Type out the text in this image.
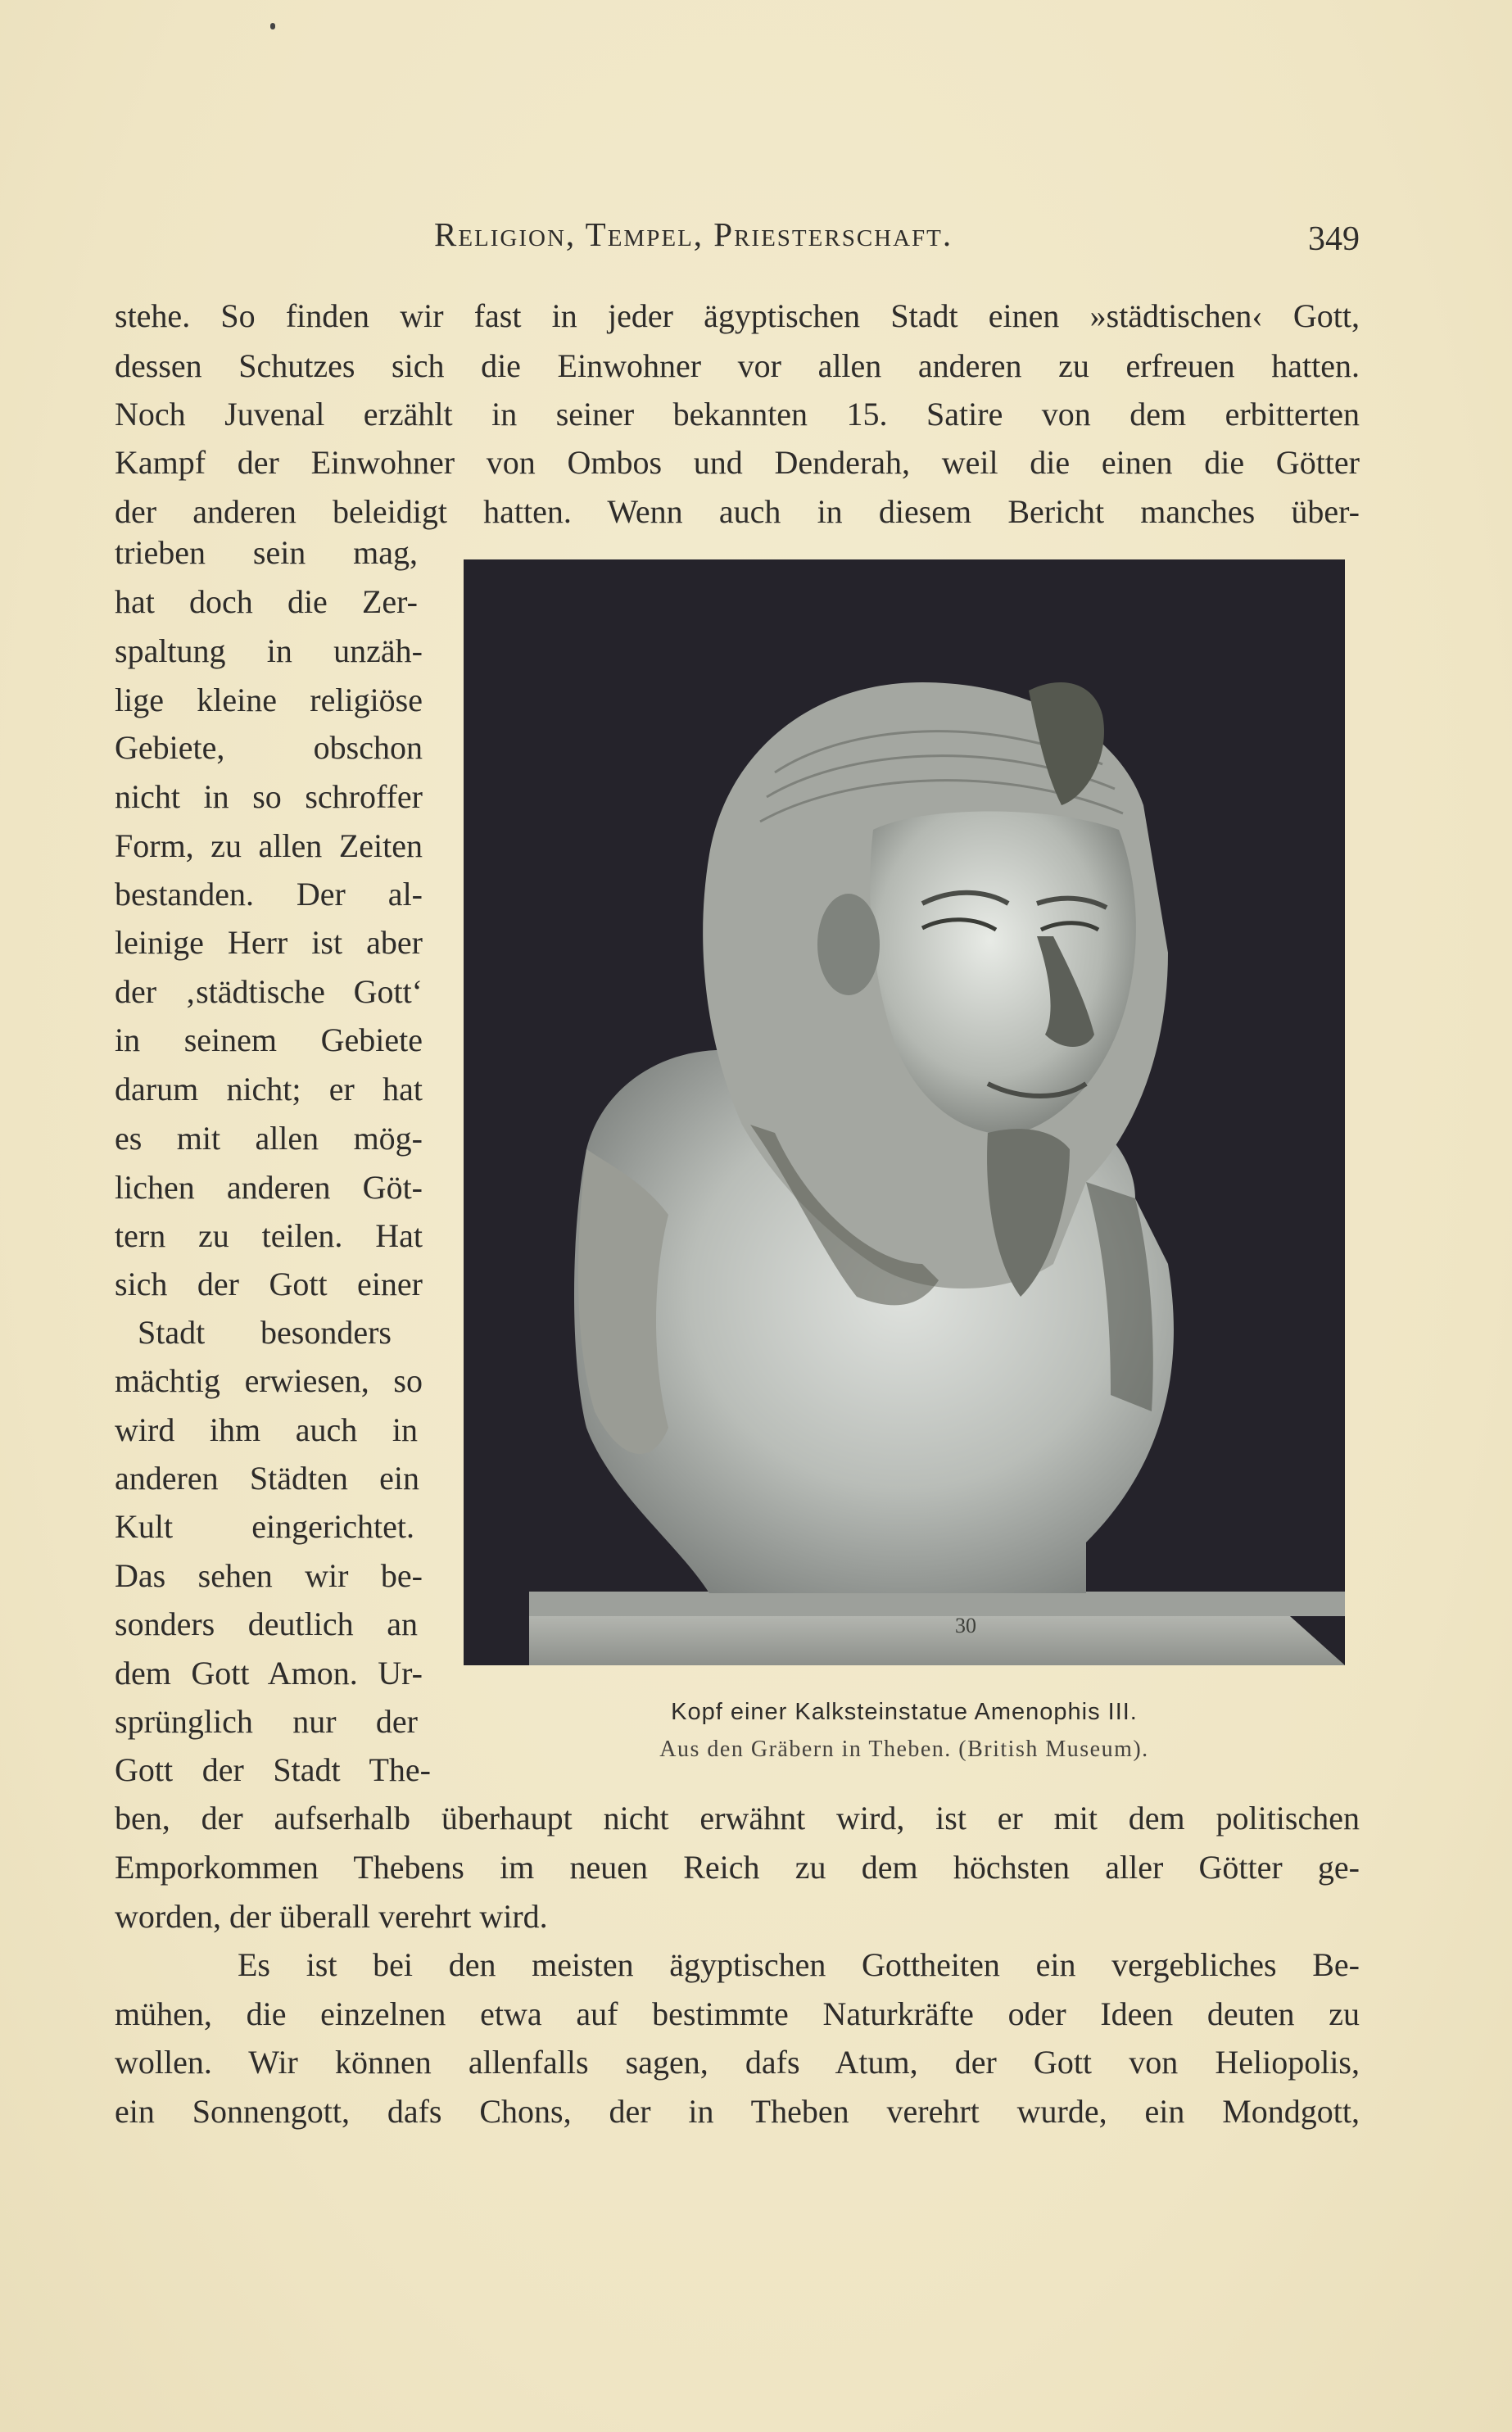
Religion, Tempel, Priesterschaft.	349
stehe. So finden wir fast in jeder ägyptischen Stadt einen »städtischen‹ Gott,
dessen Schutzes sich die Einwohner vor allen anderen zu erfreuen hatten.
Noch Juvenal erzählt in seiner bekannten 15. Satire von dem erbitterten
Kampf der Einwohner von Ombos und Denderah, weil die einen die Götter
der anderen beleidigt hatten. Wenn auch in diesem Bericht manches über-
trieben sein mag,
hat doch die Zer-
spaltung in unzäh-
lige kleine religiöse
Gebiete, obschon
nicht in so schroffer
Form, zu allen Zeiten
bestanden. Der al-
leinige Herr ist aber
der ‚städtische Gott‘
in seinem Gebiete
darum nicht; er hat
es mit allen mög-
lichen anderen Göt-
tern zu teilen. Hat
sich der Gott einer
Stadt besonders
mächtig erwiesen, so
wird ihm auch in
anderen Städten ein
Kult eingerichtet.
Das sehen wir be-
sonders deutlich an
dem Gott Amon. Ur-
sprünglich nur der
Gott der Stadt The-
30
Kopf einer Kalksteinstatue Amenophis III.
Aus den Gräbern in Theben. (British Museum).
ben, der aufserhalb überhaupt nicht erwähnt wird, ist er mit dem politischen
Emporkommen Thebens im neuen Reich zu dem höchsten aller Götter ge-
worden, der überall verehrt wird.
Es ist bei den meisten ägyptischen Gottheiten ein vergebliches Be-
mühen, die einzelnen etwa auf bestimmte Naturkräfte oder Ideen deuten zu
wollen. Wir können allenfalls sagen, dafs Atum, der Gott von Heliopolis,
ein Sonnengott, dafs Chons, der in Theben verehrt wurde, ein Mondgott,
